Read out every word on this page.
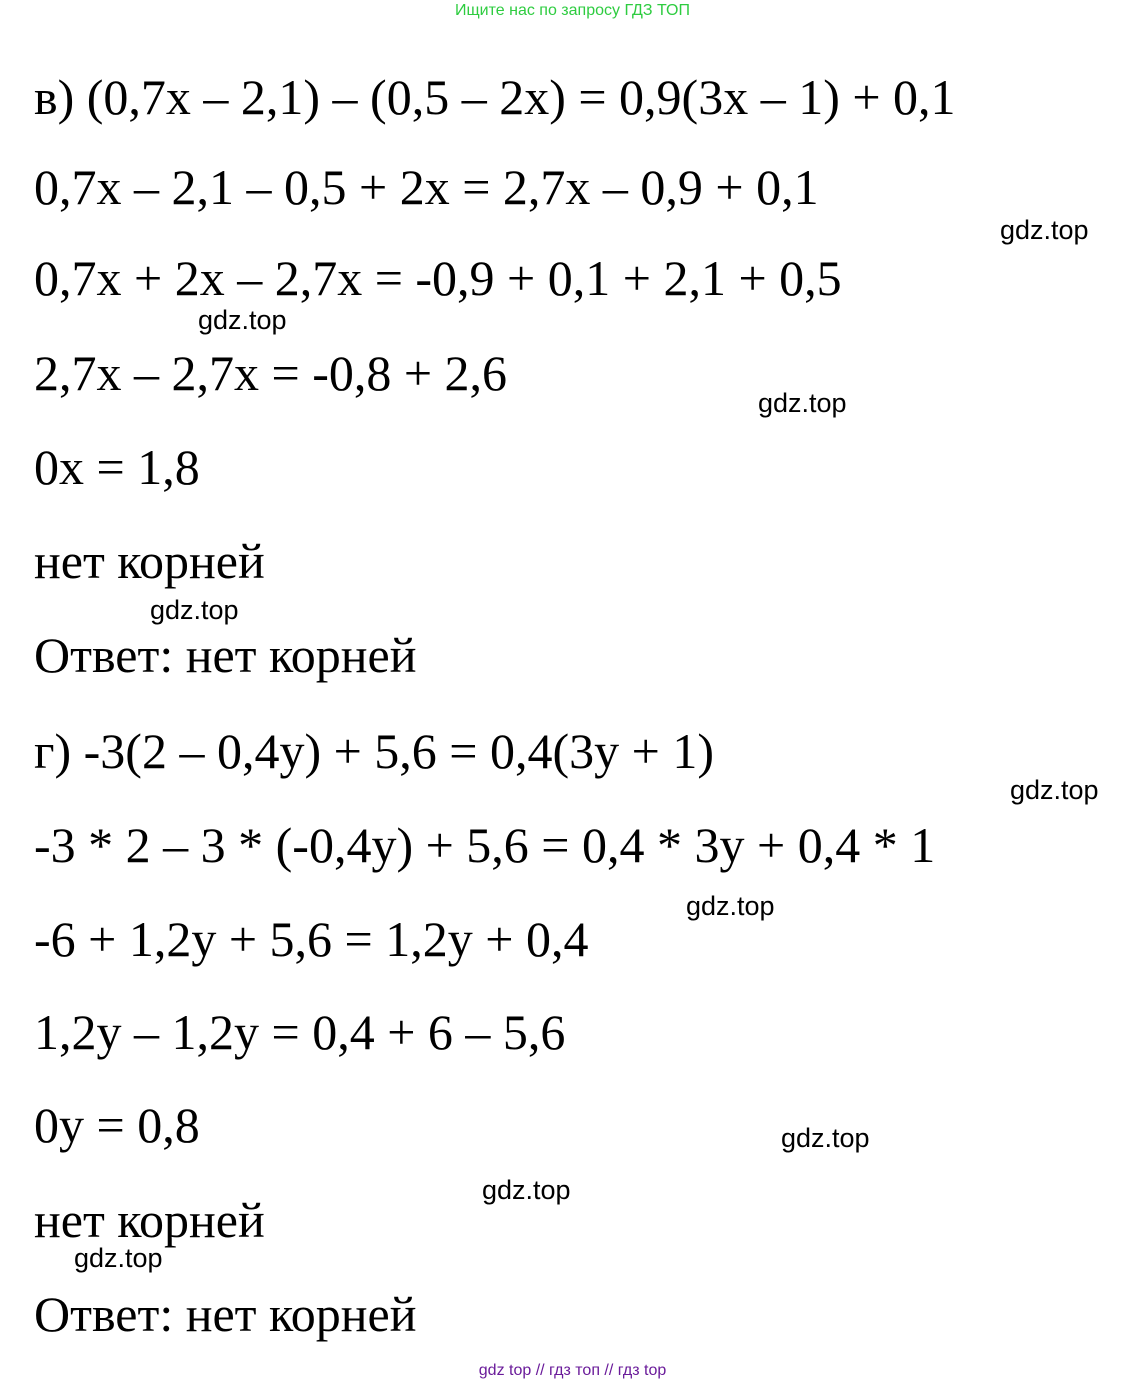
Ищите нас по запросу ГДЗ ТОП
в) (0,7x – 2,1) – (0,5 – 2x) = 0,9(3x – 1) + 0,1
0,7x – 2,1 – 0,5 + 2x = 2,7x – 0,9 + 0,1
0,7x + 2x – 2,7x = -0,9 + 0,1 + 2,1 + 0,5
2,7x – 2,7x = -0,8 + 2,6
0x = 1,8
нет корней
Ответ: нет корней
г) -3(2 – 0,4y) + 5,6 = 0,4(3y + 1)
-3 * 2 – 3 * (-0,4y) + 5,6 = 0,4 * 3y + 0,4 * 1
-6 + 1,2y + 5,6 = 1,2y + 0,4
1,2y – 1,2y = 0,4 + 6 – 5,6
0y = 0,8
нет корней
Ответ: нет корней
gdz.top
gdz.top
gdz.top
gdz.top
gdz.top
gdz.top
gdz.top
gdz.top
gdz.top
gdz top // гдз топ // гдз top
